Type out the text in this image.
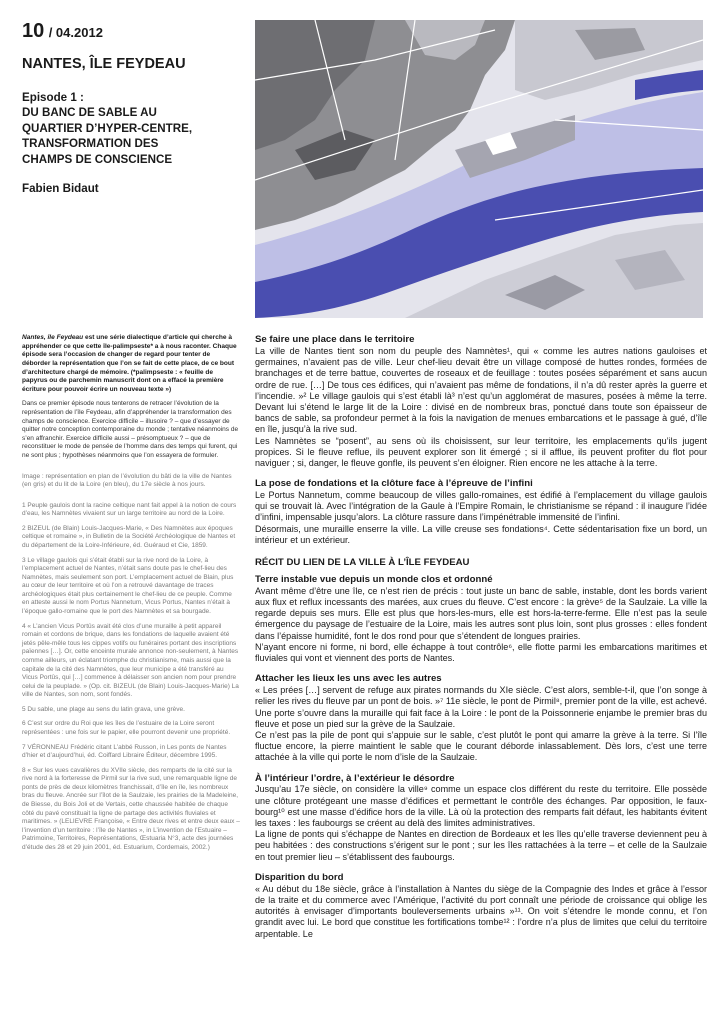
10 / 04.2012
NANTES, ÎLE FEYDEAU
Episode 1 :
DU BANC DE SABLE AU
QUARTIER D’HYPER-CENTRE,
TRANSFORMATION DES
CHAMPS DE CONSCIENCE
Fabien Bidaut

Nantes, île Feydeau est une série dialectique d’article qui cherche à appréhender ce que cette île-palimpseste* a à nous raconter. Chaque épisode sera l’occasion de changer de regard pour tenter de déborder la représentation que l’on se fait de cette place, de ce bout d’architecture chargé de mémoire. (*palimpseste : « feuille de papyrus ou de parchemin manuscrit dont on a effacé la première écriture pour pouvoir écrire un nouveau texte »)

Dans ce premier épisode nous tenterons de retracer l’évolution de la représentation de l’île Feydeau, afin d’appréhender la transformation des champs de conscience. Exercice difficile – illusoire ? – que d’essayer de quitter notre conception contemporaine du monde ; tentative néanmoins de s’en affranchir. Exercice difficile aussi – présomptueux ? – que de reconstituer le mode de pensée de l’homme dans des temps qui furent, qui ne sont plus ; hypothèses néanmoins que l’on essayera de formuler.

Image : représentation en plan de l’évolution du bâti de la ville de Nantes (en gris) et du lit de la Loire (en bleu), du 17e siècle à nos jours.

1 Peuple gaulois dont la racine celtique nant fait appel à la notion de cours d’eau, les Namnètes vivaient sur un large territoire au nord de la Loire.

2 BIZEUL (de Blain) Louis-Jacques-Marie, « Des Namnètes aux époques celtique et romaine », in Bulletin de la Société Archéologique de Nantes et du département de la Loire-Inférieure, éd. Guéraud et Cie, 1859.

3 Le village gaulois qui s’était établi sur la rive nord de la Loire, à l’emplacement actuel de Nantes, n’était sans doute pas le chef-lieu des Namnètes, mais seulement son port. L’emplacement actuel de Blain, plus au cœur de leur territoire et où l’on a retrouvé davantage de traces archéologiques était plus certainement le chef-lieu de ce peuple. Comme en atteste aussi le nom Portus Nannetum, Vicus Portus, Nantes n’était à l’époque gallo-romaine que le port des Namnètes et sa bourgade.

4 « L’ancien Vicus Portûs avait été clos d’une muraille à petit appareil romain et cordons de brique, dans les fondations de laquelle avaient été jetés pêle-mêle tous les cippes votifs ou funéraires portant des inscriptions païennes […]. Or, cette enceinte murale annonce non-seulement, à Nantes comme ailleurs, un éclatant triomphe du christianisme, mais aussi que la capitale de la cité des Namnètes, que leur municipe a été transféré au Vicus Portûs, qui […] commence à délaisser son ancien nom pour prendre celui de la peuplade. » (Op. cit. BIZEUL (de Blain) Louis-Jacques-Marie) La ville de Nantes, son nom, sont fondés.

5 Du sable, une plage au sens du latin grava, une grève.

6 C’est sur ordre du Roi que les îles de l’estuaire de la Loire seront représentées : une fois sur le papier, elle pourront devenir une propriété.

7 VÉRONNEAU Frédéric citant L’abbé Russon, in Les ponts de Nantes d’hier et d’aujourd’hui, éd. Coiffard Libraire Éditeur, décembre 1995.

8 « Sur les vues cavalières du XVIIe siècle, des remparts de la cité sur la rive nord à la forteresse de Pirmil sur la rive sud, une remarquable ligne de ponts de près de deux kilomètres franchissait, d’île en île, les nombreux bras du fleuve. Ancrée sur l’îlot de la Saulzaie, les prairies de la Madeleine, de Biesse, du Bois Joli et de Vertais, cette chaussée habitée de chaque côté du pavé constituait la ligne de partage des activités fluviales et maritimes. » (LELIEVRE Françoise, « Entre deux rives et entre deux eaux – l’invention d’un territoire : l’île de Nantes », in L’invention de l’Estuaire – Patrimoine, Territoires, Représentations, Œstuaria N°3, acte des journées d’étude des 28 et 29 juin 2001, éd. Estuarium, Cordemais, 2002.)

Se faire une place dans le territoire

La ville de Nantes tient son nom du peuple des Namnètes¹, qui « comme les autres nations gauloises et germaines, n’avaient pas de ville. Leur chef-lieu devait être un village composé de huttes rondes, formées de branchages et de terre battue, couvertes de roseaux et de feuillage : toutes posées séparément et sans aucun ordre de rue. […] De tous ces édifices, qui n’avaient pas même de fondations, il n’a dû rester après la guerre et l’incendie. »² Le village gaulois qui s’est établi là³ n’est qu’un agglomérat de masures, posées à même la terre. Devant lui s’étend le large lit de la Loire : divisé en de nombreux bras, ponctué dans toute son épaisseur de bancs de sable, sa profondeur permet à la fois la navigation de menues embarcations et le passage à gué, d’île en île, jusqu’à la rive sud.

Les Namnètes se “posent”, au sens où ils choisissent, sur leur territoire, les emplacements qu’ils jugent propices. Si le fleuve reflue, ils peuvent explorer son lit émergé ; si il afflue, ils peuvent profiter du flot pour naviguer ; si, danger, le fleuve gonfle, ils peuvent s’en éloigner. Rien encore ne les attache à la terre.

La pose de fondations et la clôture face à l’épreuve de l’infini

Le Portus Nannetum, comme beaucoup de villes gallo-romaines, est édifié à l’emplacement du village gaulois qui se trouvait là. Avec l’intégration de la Gaule à l’Empire Romain, le christianisme se répand : il inaugure l’idée d’infini, impensable jusqu’alors. La clôture rassure dans l’impénétrable immensité de l’infini.

Désormais, une muraille enserre la ville. La ville creuse ses fondations⁴. Cette sédentarisation fixe un bord, un intérieur et un extérieur.

RÉCIT DU LIEN DE LA VILLE À L’ÎLE FEYDEAU
Terre instable vue depuis un monde clos et ordonné

Avant même d’être une île, ce n’est rien de précis : tout juste un banc de sable, instable, dont les bords varient aux flux et reflux incessants des marées, aux crues du fleuve. C’est encore : la grève⁵ de la Saulzaie. La ville la regarde depuis ses murs. Elle est plus que hors-les-murs, elle est hors-la-terre-ferme. Elle n’est pas la seule émergence du paysage de l’estuaire de la Loire, mais les autres sont plus loin, sont plus grosses : elles fondent dans l’épaisse humidité, font le dos rond pour que s’étendent de longues prairies.

N’ayant encore ni forme, ni bord, elle échappe à tout contrôle⁶, elle flotte parmi les embarcations maritimes et fluviales qui vont et viennent des ports de Nantes.

Attacher les lieux les uns avec les autres

« Les prées […] servent de refuge aux pirates normands du XIe siècle. C’est alors, semble-t-il, que l’on songe à relier les rives du fleuve par un pont de bois. »⁷ 11e siècle, le pont de Pirmil⁸, premier pont de la ville, est achevé. Une porte s’ouvre dans la muraille qui fait face à la Loire : le pont de la Poissonnerie enjambe le premier bras du fleuve et pose un pied sur la grève de la Saulzaie.

Ce n’est pas la pile de pont qui s’appuie sur le sable, c’est plutôt le pont qui amarre la grève à la terre. Si l’île fluctue encore, la pierre maintient le sable que le courant déborde inlassablement. Dès lors, c’est une terre attachée à la ville qui porte le nom d’isle de la Saulzaie.

À l’intérieur l’ordre, à l’extérieur le désordre

Jusqu’au 17e siècle, on considère la ville⁹ comme un espace clos différent du reste du territoire. Elle possède une clôture protégeant une masse d’édifices et permettant le contrôle des échanges. Par opposition, le faux-bourg¹⁰ est une masse d’édifice hors de la ville. Là où la protection des remparts fait défaut, les habitants évitent les taxes : les faubourgs se créent au delà des limites administratives.

La ligne de ponts qui s’échappe de Nantes en direction de Bordeaux et les îles qu’elle traverse deviennent peu à peu habitées : des constructions s’érigent sur le pont ; sur les îles rattachées à la terre – et celle de la Saulzaie en tout premier lieu – s’établissent des faubourgs.

Disparition du bord

« Au début du 18e siècle, grâce à l’installation à Nantes du siège de la Compagnie des Indes et grâce à l’essor de la traite et du commerce avec l’Amérique, l’activité du port connaît une période de croissance qui oblige les autorités à envisager d’importants bouleversements urbains »¹¹. On voit s’étendre le monde connu, et l’on grandit avec lui. Le bord que constitue les fortifications tombe¹² : l’ordre n’a plus de limites que celui du territoire arpentable. Le
